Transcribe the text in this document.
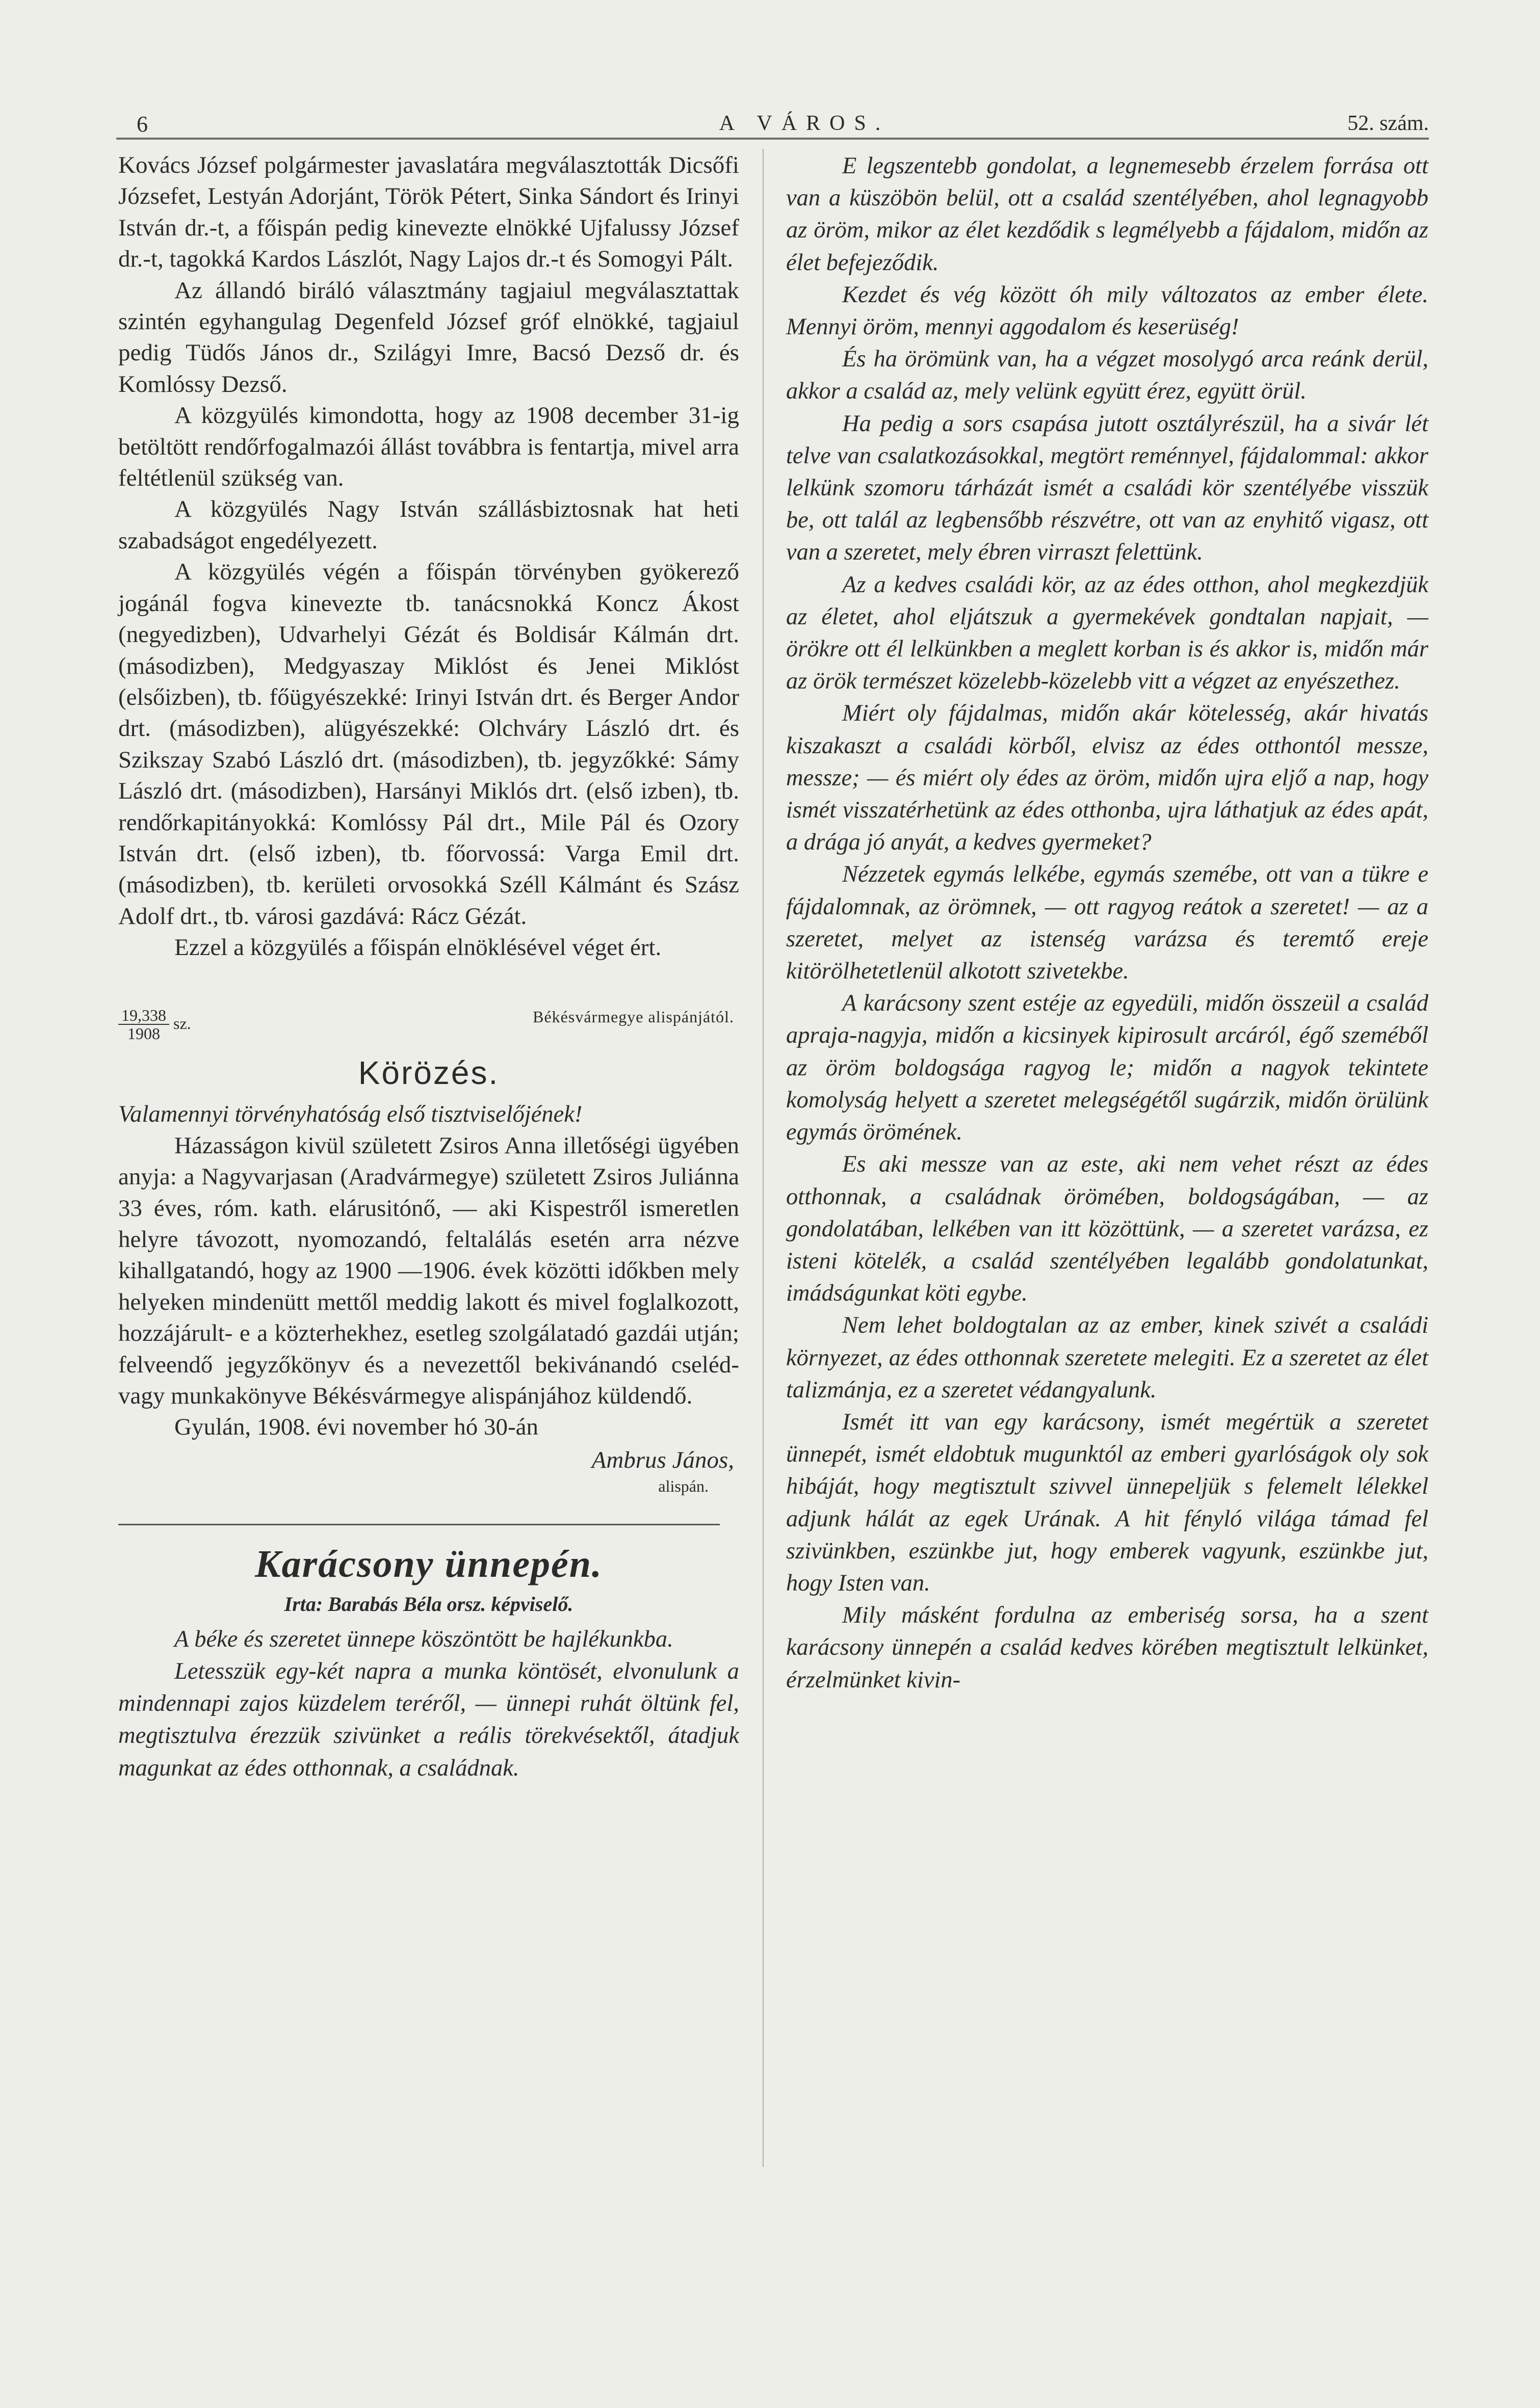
6	A VÁROS.	52. szám.

Kovács József polgármester javaslatára megválasztották Dicsőfi Józsefet, Lestyán Adorjánt, Török Pétert, Sinka Sándort és Irinyi István dr.-t, a főispán pedig kinevezte elnökké Ujfalussy József dr.-t, tagokká Kardos Lászlót, Nagy Lajos dr.-t és Somogyi Pált.

Az állandó biráló választmány tagjaiul megválasztattak szintén egyhangulag Degenfeld József gróf elnökké, tagjaiul pedig Tüdős János dr., Szilágyi Imre, Bacsó Dezső dr. és Komlóssy Dezső.

A közgyülés kimondotta, hogy az 1908 december 31-ig betöltött rendőrfogalmazói állást továbbra is fentartja, mivel arra feltétlenül szükség van.

A közgyülés Nagy István szállásbiztosnak hat heti szabadságot engedélyezett.

A közgyülés végén a főispán törvényben gyökerező jogánál fogva kinevezte tb. tanácsnokká Koncz Ákost (negyedizben), Udvarhelyi Gézát és Boldisár Kálmán drt. (másodizben), Medgyaszay Miklóst és Jenei Miklóst (elsőizben), tb. főügyészekké: Irinyi István drt. és Berger Andor drt. (másodizben), alügyészekké: Olchváry László drt. és Szikszay Szabó László drt. (másodizben), tb. jegyzőkké: Sámy László drt. (másodizben), Harsányi Miklós drt. (első izben), tb. rendőrkapitányokká: Komlóssy Pál drt., Mile Pál és Ozory István drt. (első izben), tb. főorvossá: Varga Emil drt. (másodizben), tb. kerületi orvosokká Széll Kálmánt és Szász Adolf drt., tb. városi gazdává: Rácz Gézát.

Ezzel a közgyülés a főispán elnöklésével véget ért.

$\frac{19,338}{1908}$ sz.	Békésvármegye alispánjától.
Körözés.

Valamennyi törvényhatóság első tisztviselőjének!

Házasságon kivül született Zsiros Anna illetőségi ügyében anyja: a Nagyvarjasan (Aradvármegye) született Zsiros Juliánna 33 éves, róm. kath. elárusitónő, — aki Kispestről ismeretlen helyre távozott, nyomozandó, feltalálás esetén arra nézve kihallgatandó, hogy az 1900 —1906. évek közötti időkben mely helyeken mindenütt mettől meddig lakott és mivel foglalkozott, hozzájárult- e a közterhekhez, esetleg szolgálatadó gazdái utján; felveendő jegyzőkönyv és a nevezettől bekivánandó cseléd- vagy munkakönyve Békésvármegye alispánjához küldendő.

Gyulán, 1908. évi november hó 30-án

Ambrus János,

alispán.

Karácsony ünnepén.

Irta: Barabás Béla orsz. képviselő.

A béke és szeretet ünnepe köszöntött be hajlékunkba.

Letesszük egy-két napra a munka köntösét, elvonulunk a mindennapi zajos küzdelem teréről, — ünnepi ruhát öltünk fel, megtisztulva érezzük szivünket a reális törekvésektől, átadjuk magunkat az édes otthonnak, a családnak.

E legszentebb gondolat, a legnemesebb érzelem forrása ott van a küszöbön belül, ott a család szentélyében, ahol legnagyobb az öröm, mikor az élet kezdődik s legmélyebb a fájdalom, midőn az élet befejeződik.

Kezdet és vég között óh mily változatos az ember élete. Mennyi öröm, mennyi aggodalom és keserüség!

És ha örömünk van, ha a végzet mosolygó arca reánk derül, akkor a család az, mely velünk együtt érez, együtt örül.

Ha pedig a sors csapása jutott osztályrészül, ha a sivár lét telve van csalatkozásokkal, megtört reménnyel, fájdalommal: akkor lelkünk szomoru tárházát ismét a családi kör szentélyébe visszük be, ott talál az legbensőbb részvétre, ott van az enyhitő vigasz, ott van a szeretet, mely ébren virraszt felettünk.

Az a kedves családi kör, az az édes otthon, ahol megkezdjük az életet, ahol eljátszuk a gyermekévek gondtalan napjait, — örökre ott él lelkünkben a meglett korban is és akkor is, midőn már az örök természet közelebb-közelebb vitt a végzet az enyészethez.

Miért oly fájdalmas, midőn akár kötelesség, akár hivatás kiszakaszt a családi körből, elvisz az édes otthontól messze, messze; — és miért oly édes az öröm, midőn ujra eljő a nap, hogy ismét visszatérhetünk az édes otthonba, ujra láthatjuk az édes apát, a drága jó anyát, a kedves gyermeket?

Nézzetek egymás lelkébe, egymás szemébe, ott van a tükre e fájdalomnak, az örömnek, — ott ragyog reátok a szeretet! — az a szeretet, melyet az istenség varázsa és teremtő ereje kitörölhetetlenül alkotott szivetekbe.

A karácsony szent estéje az egyedüli, midőn összeül a család apraja-nagyja, midőn a kicsinyek kipirosult arcáról, égő szeméből az öröm boldogsága ragyog le; midőn a nagyok tekintete komolyság helyett a szeretet melegségétől sugárzik, midőn örülünk egymás örömének.

Es aki messze van az este, aki nem vehet részt az édes otthonnak, a családnak örömében, boldogságában, — az gondolatában, lelkében van itt közöttünk, — a szeretet varázsa, ez isteni kötelék, a család szentélyében legalább gondolatunkat, imádságunkat köti egybe.

Nem lehet boldogtalan az az ember, kinek szivét a családi környezet, az édes otthonnak szeretete melegiti. Ez a szeretet az élet talizmánja, ez a szeretet védangyalunk.

Ismét itt van egy karácsony, ismét megértük a szeretet ünnepét, ismét eldobtuk mugunktól az emberi gyarlóságok oly sok hibáját, hogy megtisztult szivvel ünnepeljük s felemelt lélekkel adjunk hálát az egek Urának. A hit fényló világa támad fel szivünkben, eszünkbe jut, hogy emberek vagyunk, eszünkbe jut, hogy Isten van.

Mily másként fordulna az emberiség sorsa, ha a szent karácsony ünnepén a család kedves körében megtisztult lelkünket, érzelmünket kivin-
